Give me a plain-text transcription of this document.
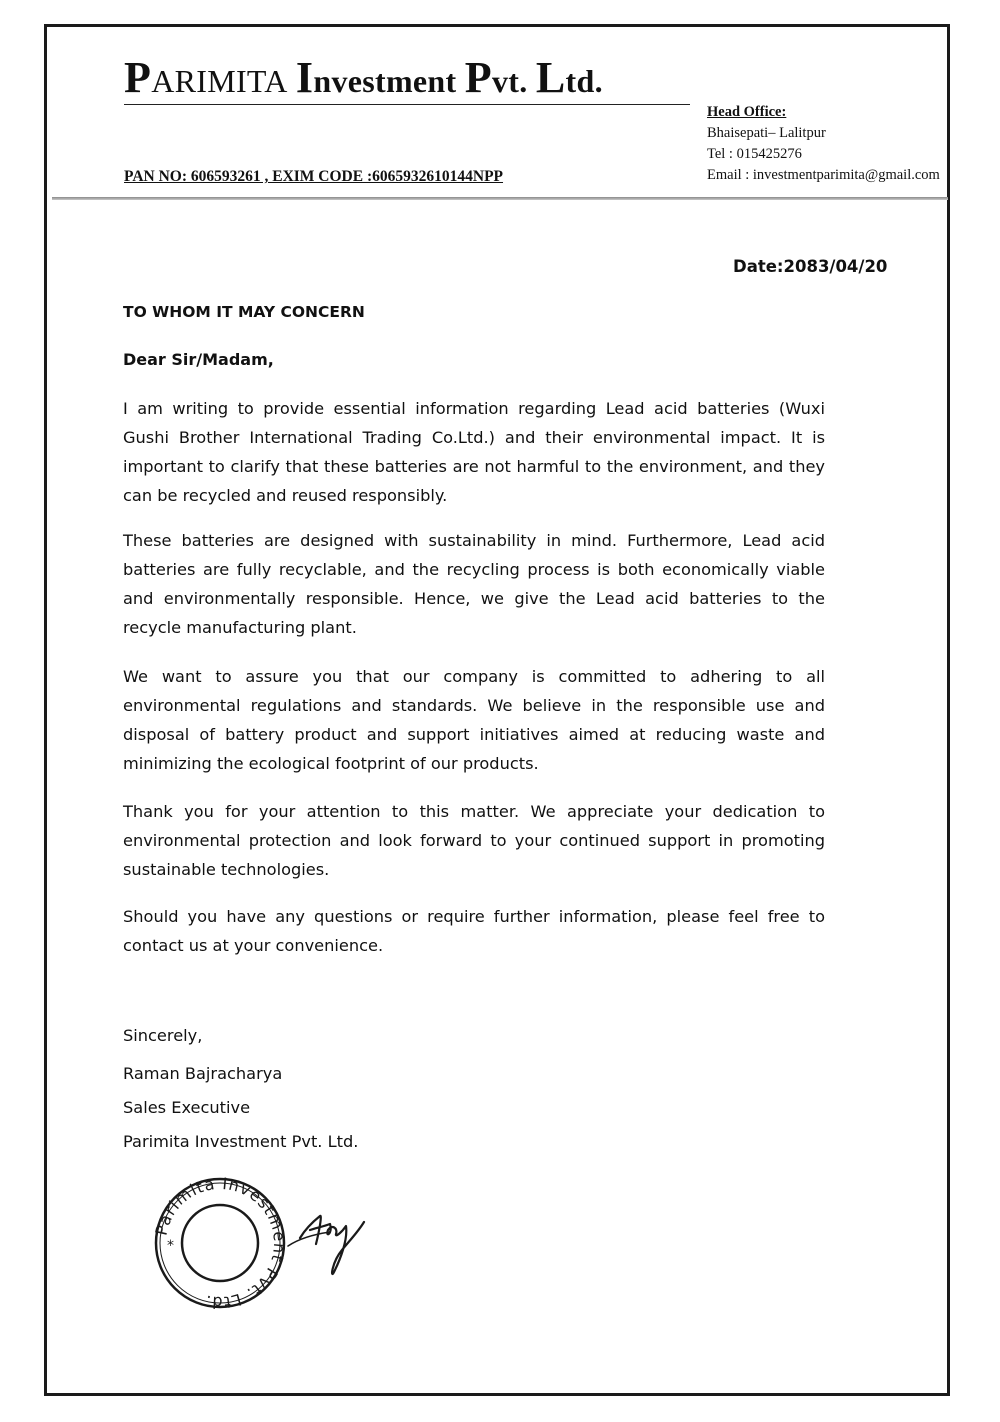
PARIMITA Investment Pvt. Ltd.
PAN NO: 606593261 , EXIM CODE :6065932610144NPP
Head Office:
Bhaisepati– Lalitpur
Tel : 015425276
Email : investmentparimita@gmail.com
Date:2083/04/20
TO WHOM IT MAY CONCERN
Dear Sir/Madam,

I am writing to provide essential information regarding Lead acid batteries (Wuxi Gushi Brother International Trading Co.Ltd.) and their environmental impact. It is important to clarify that these batteries are not harmful to the environment, and they can be recycled and reused responsibly.

These batteries are designed with sustainability in mind. Furthermore, Lead acid batteries are fully recyclable, and the recycling process is both economically viable and environmentally responsible. Hence, we give the Lead acid batteries to the recycle manufacturing plant.

We want to assure you that our company is committed to adhering to all environmental regulations and standards. We believe in the responsible use and disposal of battery product and support initiatives aimed at reducing waste and minimizing the ecological footprint of our products.

Thank you for your attention to this matter. We appreciate your dedication to environmental protection and look forward to your continued support in promoting sustainable technologies.

Should you have any questions or require further information, please feel free to contact us at your convenience.

Sincerely,
Raman Bajracharya
Sales Executive
Parimita Investment Pvt. Ltd.
Parimita Investment Pvt. Ltd.
*
